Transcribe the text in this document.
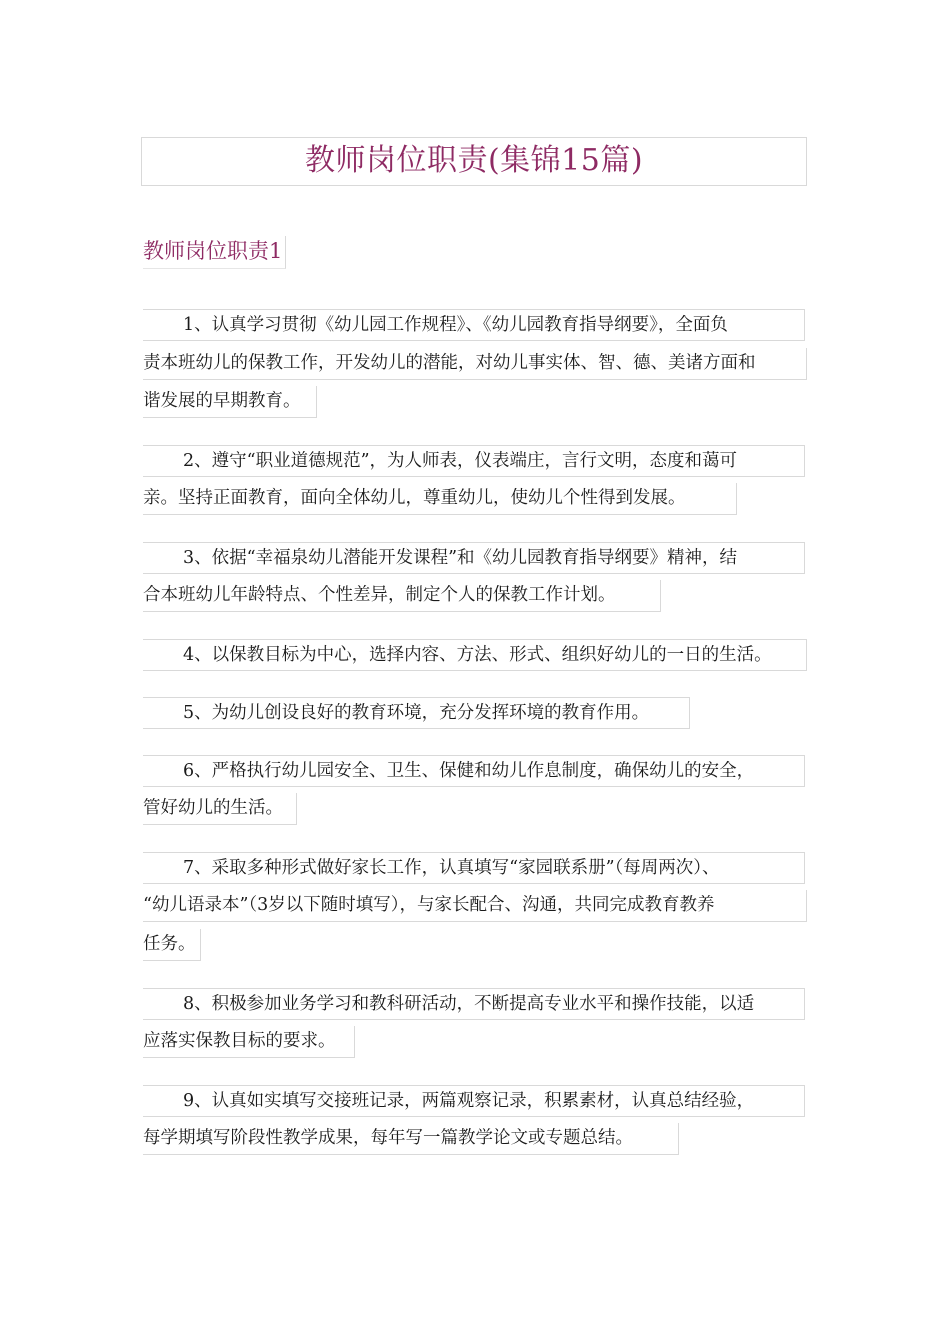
教师岗位职责(集锦15篇)
教师岗位职责1
1、认真学习贯彻《幼儿园工作规程》、《幼儿园教育指导纲要》，全面负
责本班幼儿的保教工作，开发幼儿的潜能，对幼儿事实体、智、德、美诸方面和
谐发展的早期教育。
2、遵守“职业道德规范”，为人师表，仪表端庄，言行文明，态度和蔼可
亲。坚持正面教育，面向全体幼儿，尊重幼儿，使幼儿个性得到发展。
3、依据“幸福泉幼儿潜能开发课程”和《幼儿园教育指导纲要》精神，结
合本班幼儿年龄特点、个性差异，制定个人的保教工作计划。
4、以保教目标为中心，选择内容、方法、形式、组织好幼儿的一日的生活。
5、为幼儿创设良好的教育环境，充分发挥环境的教育作用。
6、严格执行幼儿园安全、卫生、保健和幼儿作息制度，确保幼儿的安全，
管好幼儿的生活。
7、采取多种形式做好家长工作，认真填写“家园联系册”（每周两次）、
“幼儿语录本”（3岁以下随时填写），与家长配合、沟通，共同完成教育教养
任务。
8、积极参加业务学习和教科研活动，不断提高专业水平和操作技能，以适
应落实保教目标的要求。
9、认真如实填写交接班记录，两篇观察记录，积累素材，认真总结经验，
每学期填写阶段性教学成果，每年写一篇教学论文或专题总结。
